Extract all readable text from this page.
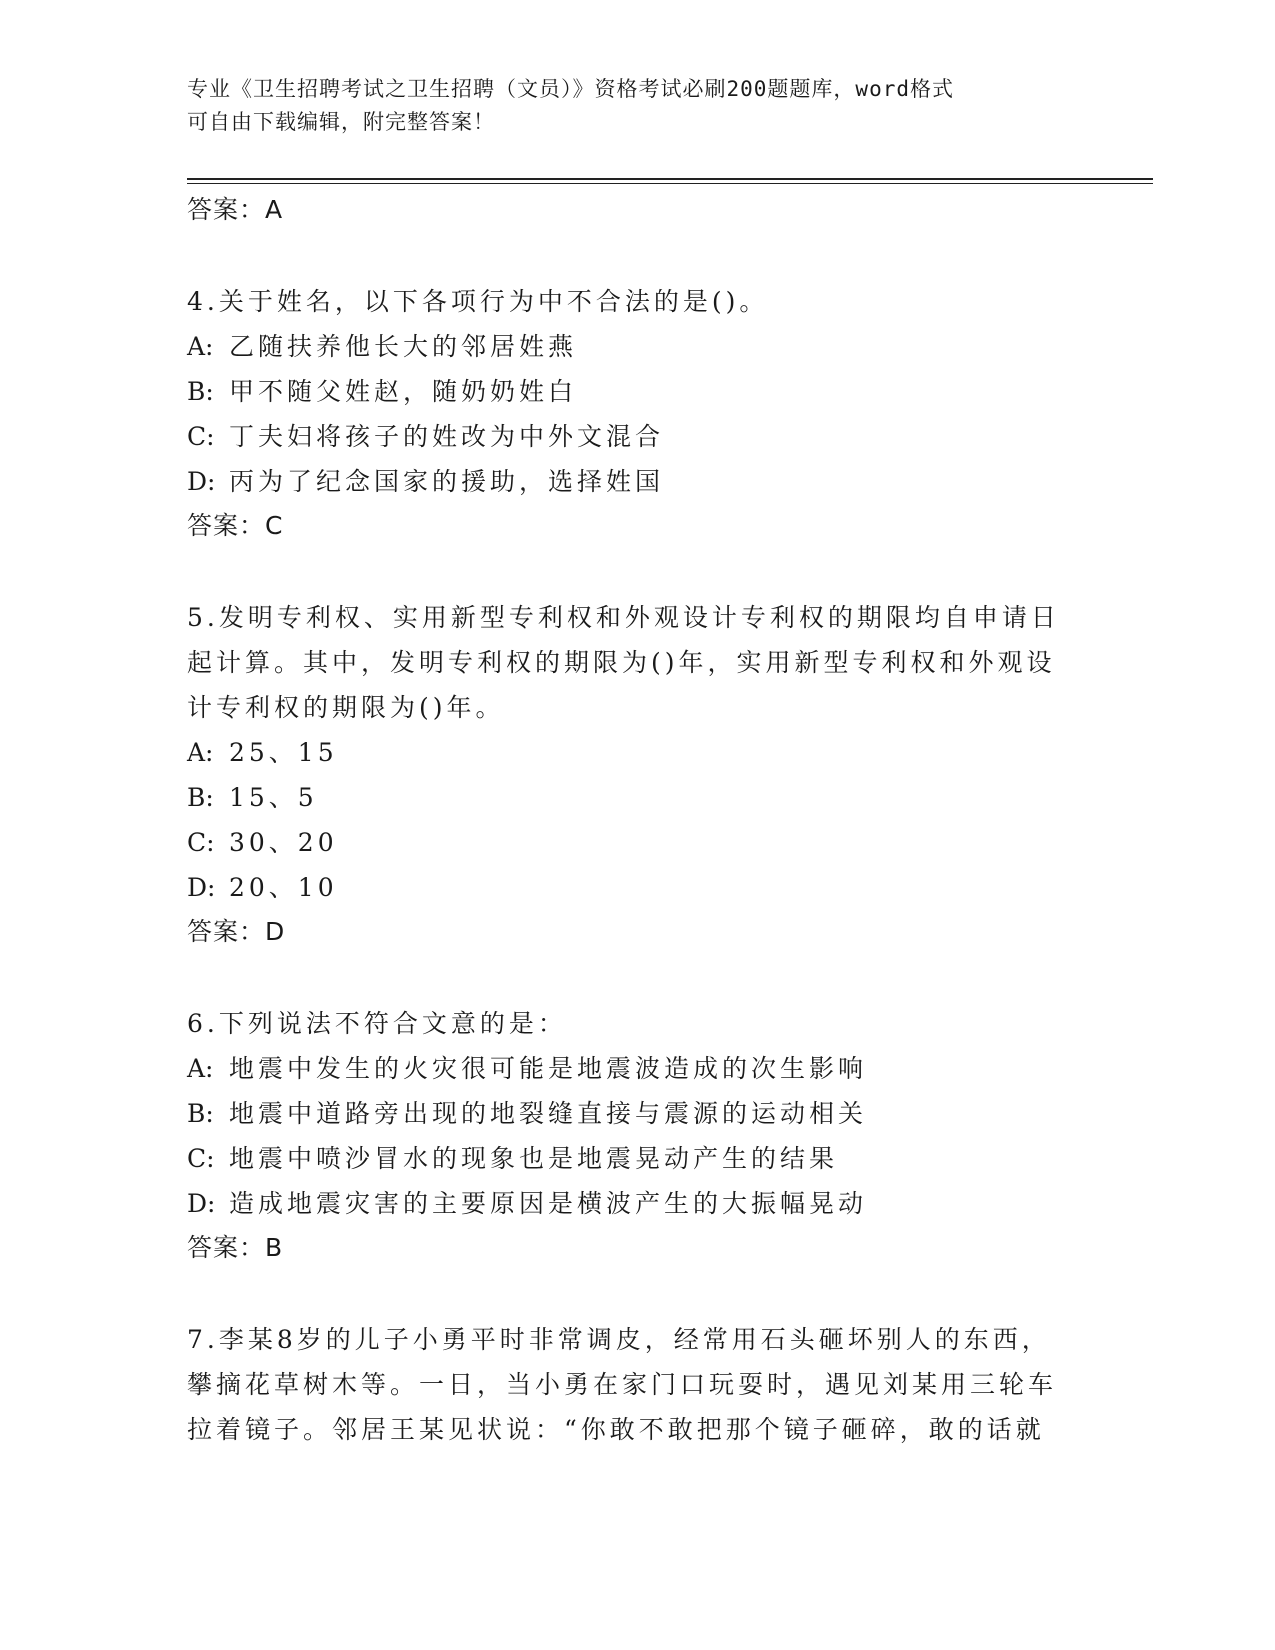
专业《卫生招聘考试之卫生招聘（文员）》资格考试必刷200题题库，word格式
可自由下载编辑，附完整答案！

答案：A

4.关于姓名，以下各项行为中不合法的是()。

A: 乙随扶养他长大的邻居姓燕

B: 甲不随父姓赵，随奶奶姓白

C: 丁夫妇将孩子的姓改为中外文混合

D: 丙为了纪念国家的援助，选择姓国

答案：C

5.发明专利权、实用新型专利权和外观设计专利权的期限均自申请日

起计算。其中，发明专利权的期限为()年，实用新型专利权和外观设

计专利权的期限为()年。

A: 25、15

B: 15、5

C: 30、20

D: 20、10

答案：D

6.下列说法不符合文意的是：

A: 地震中发生的火灾很可能是地震波造成的次生影响

B: 地震中道路旁出现的地裂缝直接与震源的运动相关

C: 地震中喷沙冒水的现象也是地震晃动产生的结果

D: 造成地震灾害的主要原因是横波产生的大振幅晃动

答案：B

7.李某8岁的儿子小勇平时非常调皮，经常用石头砸坏别人的东西，

攀摘花草树木等。一日，当小勇在家门口玩耍时，遇见刘某用三轮车

拉着镜子。邻居王某见状说：“你敢不敢把那个镜子砸碎，敢的话就
